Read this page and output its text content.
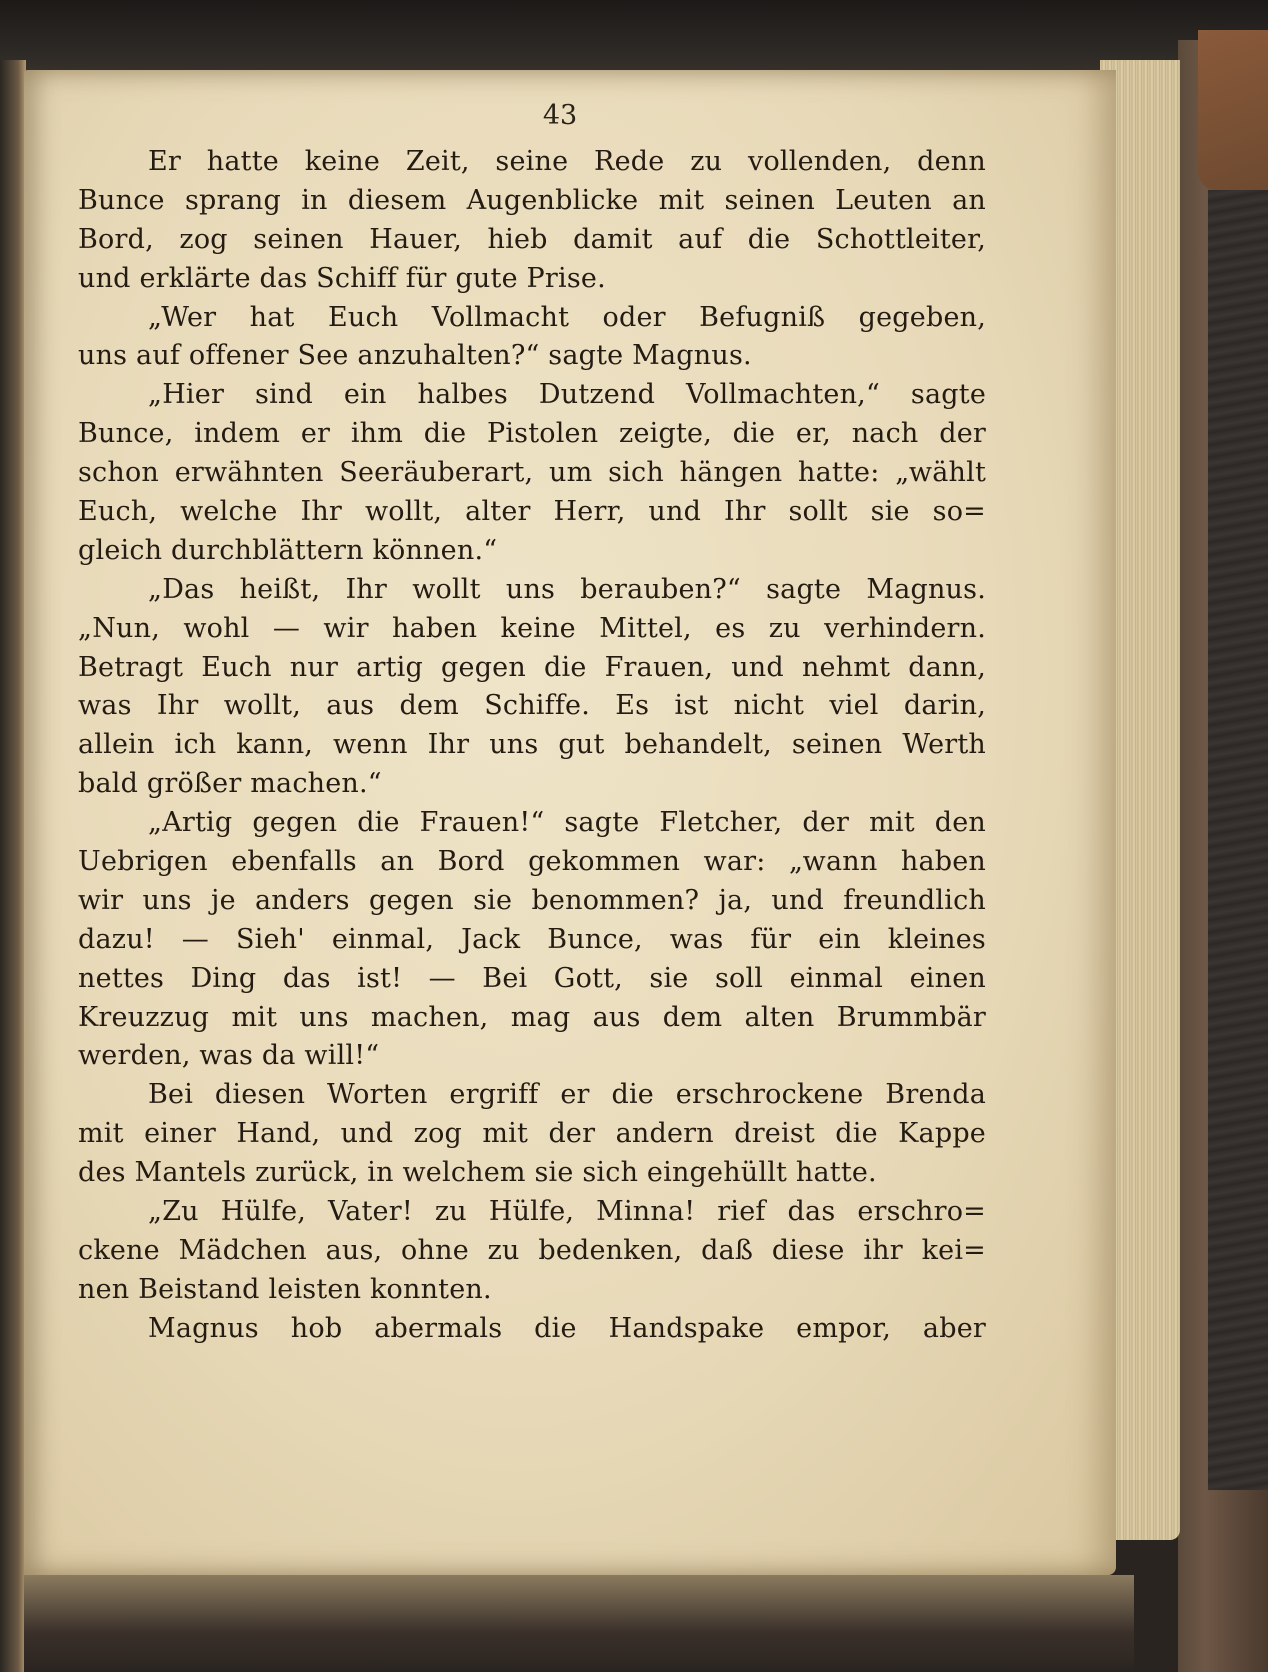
43
Er hatte keine Zeit, seine Rede zu vollenden, denn
Bunce sprang in diesem Augenblicke mit seinen Leuten an
Bord, zog seinen Hauer, hieb damit auf die Schottleiter,
und erklärte das Schiff für gute Prise.
„Wer hat Euch Vollmacht oder Befugniß gegeben,
uns auf offener See anzuhalten?“ sagte Magnus.
„Hier sind ein halbes Dutzend Vollmachten,“ sagte
Bunce, indem er ihm die Pistolen zeigte, die er, nach der
schon erwähnten Seeräuberart, um sich hängen hatte: „wählt
Euch, welche Ihr wollt, alter Herr, und Ihr sollt sie so=
gleich durchblättern können.“
„Das heißt, Ihr wollt uns berauben?“ sagte Magnus.
„Nun, wohl — wir haben keine Mittel, es zu verhindern.
Betragt Euch nur artig gegen die Frauen, und nehmt dann,
was Ihr wollt, aus dem Schiffe. Es ist nicht viel darin,
allein ich kann, wenn Ihr uns gut behandelt, seinen Werth
bald größer machen.“
„Artig gegen die Frauen!“ sagte Fletcher, der mit den
Uebrigen ebenfalls an Bord gekommen war: „wann haben
wir uns je anders gegen sie benommen? ja, und freundlich
dazu! — Sieh' einmal, Jack Bunce, was für ein kleines
nettes Ding das ist! — Bei Gott, sie soll einmal einen
Kreuzzug mit uns machen, mag aus dem alten Brummbär
werden, was da will!“
Bei diesen Worten ergriff er die erschrockene Brenda
mit einer Hand, und zog mit der andern dreist die Kappe
des Mantels zurück, in welchem sie sich eingehüllt hatte.
„Zu Hülfe, Vater! zu Hülfe, Minna! rief das erschro=
ckene Mädchen aus, ohne zu bedenken, daß diese ihr kei=
nen Beistand leisten konnten.
Magnus hob abermals die Handspake empor, aber
